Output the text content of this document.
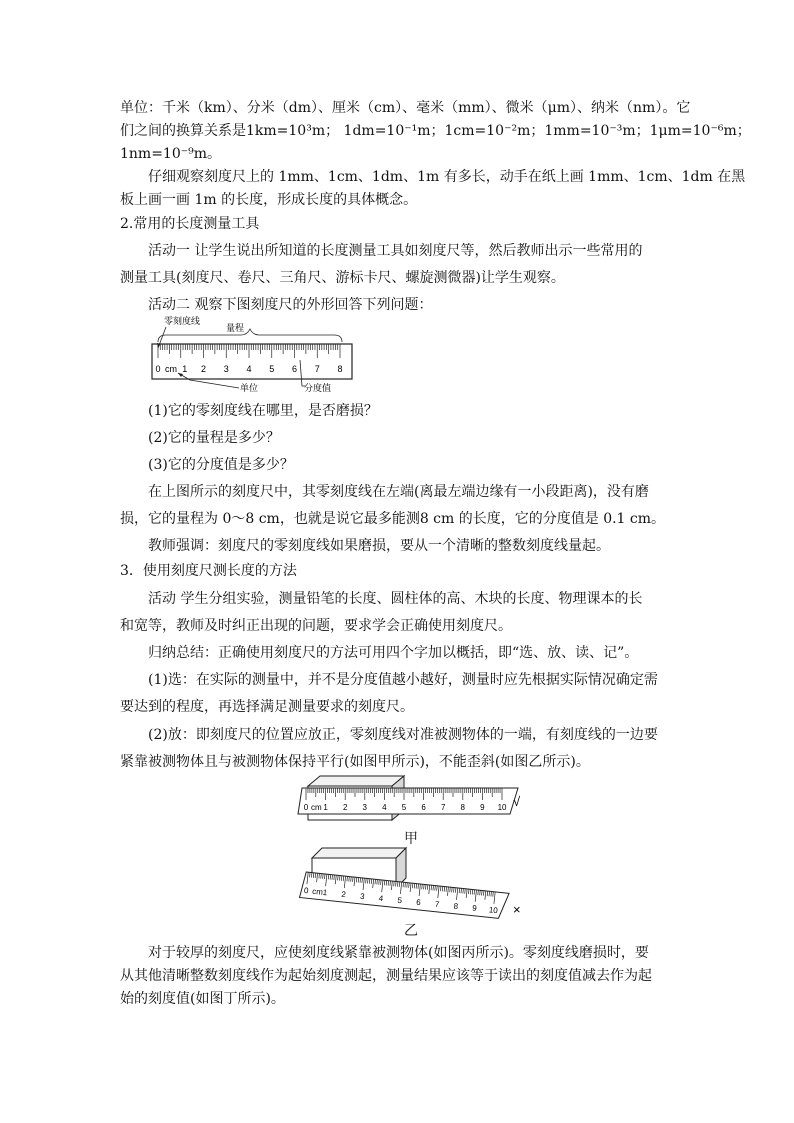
单位：千米（km）、分米（dm）、厘米（cm）、毫米（mm）、微米（μm）、纳米（nm）。它
们之间的换算关系是1km=10³m； 1dm=10⁻¹m；1cm=10⁻²m；1mm=10⁻³m；1μm=10⁻⁶m；
1nm=10⁻⁹m。
仔细观察刻度尺上的 1mm、1cm、1dm、1m 有多长，动手在纸上画 1mm、1cm、1dm 在黑
板上画一画 1m 的长度，形成长度的具体概念。
2.常用的长度测量工具
活动一 让学生说出所知道的长度测量工具如刻度尺等，然后教师出示一些常用的
测量工具(刻度尺、卷尺、三角尺、游标卡尺、螺旋测微器)让学生观察。
活动二 观察下图刻度尺的外形回答下列问题：
0 1 2 3 4 5 6 7 8
cm
零刻度线
量程
单位	分度值
(1)它的零刻度线在哪里，是否磨损？
(2)它的量程是多少？
(3)它的分度值是多少？
在上图所示的刻度尺中，其零刻度线在左端(离最左端边缘有一小段距离)，没有磨
损，它的量程为 0～8 cm，也就是说它最多能测8 cm 的长度，它的分度值是 0.1 cm。
教师强调：刻度尺的零刻度线如果磨损，要从一个清晰的整数刻度线量起。
3．使用刻度尺测长度的方法
活动 学生分组实验，测量铅笔的长度、圆柱体的高、木块的长度、物理课本的长
和宽等，教师及时纠正出现的问题，要求学会正确使用刻度尺。
归纳总结：正确使用刻度尺的方法可用四个字加以概括，即“选、放、读、记”。
(1)选：在实际的测量中，并不是分度值越小越好，测量时应先根据实际情况确定需
要达到的程度，再选择满足测量要求的刻度尺。
(2)放：即刻度尺的位置应放正，零刻度线对准被测物体的一端，有刻度线的一边要
紧靠被测物体且与被测物体保持平行(如图甲所示)，不能歪斜(如图乙所示)。
0 1 2 3 4 5 6 7 8 9 10
cm	√
甲
0 1 2 3 4 5 6 7 8 9 10
cm
×
乙
对于较厚的刻度尺，应使刻度线紧靠被测物体(如图丙所示)。零刻度线磨损时，要
从其他清晰整数刻度线作为起始刻度测起，测量结果应该等于读出的刻度值减去作为起
始的刻度值(如图丁所示)。
